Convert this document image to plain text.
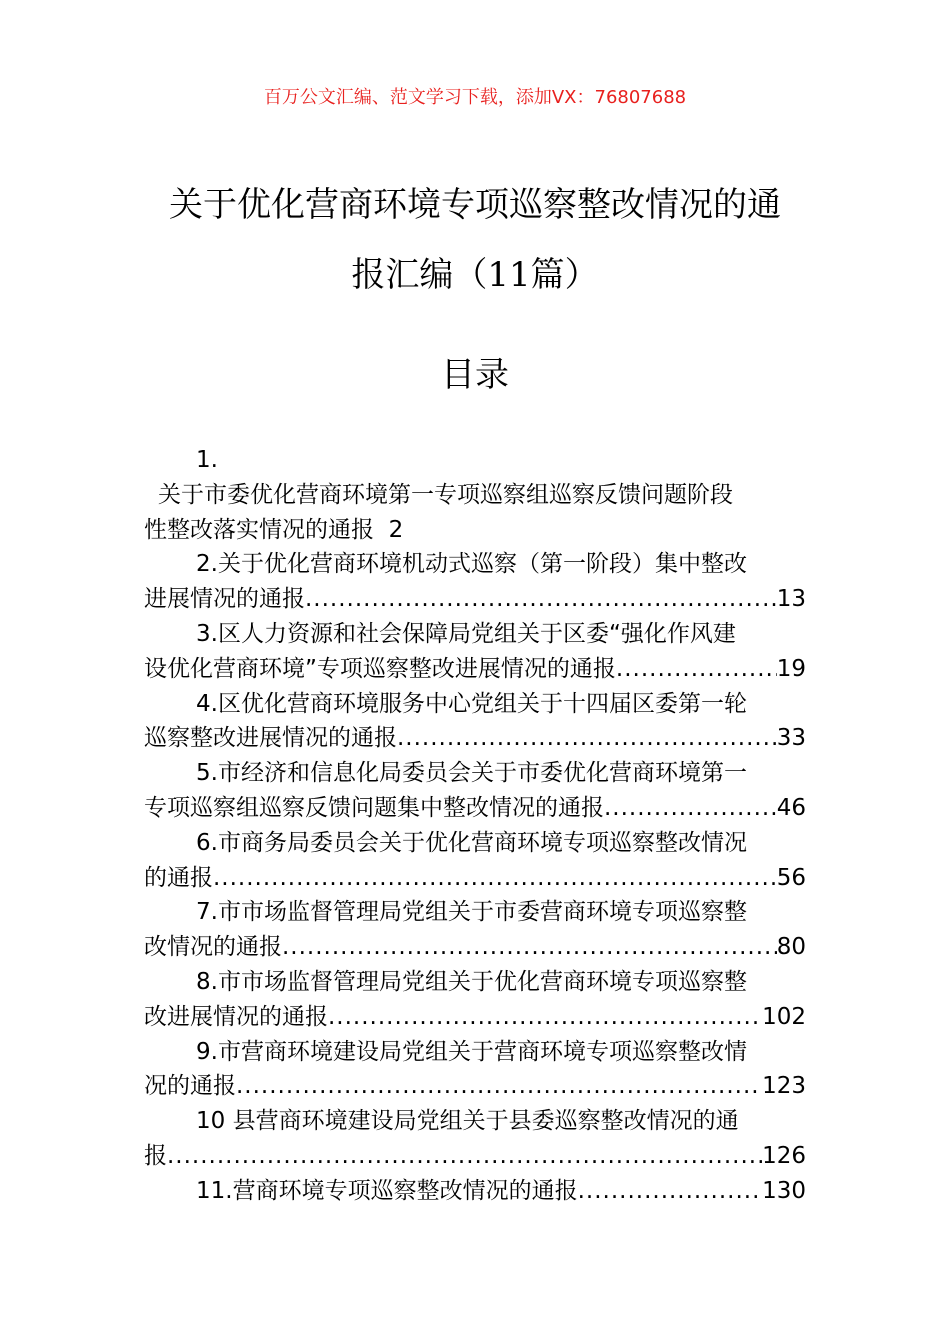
百万公文汇编、范文学习下载，添加VX：76807688
关于优化营商环境专项巡察整改情况的通
报汇编（11篇）
目录
1.
关于市委优化营商环境第一专项巡察组巡察反馈问题阶段
性整改落实情况的通报 2
2.关于优化营商环境机动式巡察（第一阶段）集中整改
进展情况的通报 .....	13
3.区人力资源和社会保障局党组关于区委“强化作风建
设优化营商环境”专项巡察整改进展情况的通报 .....	19
4.区优化营商环境服务中心党组关于十四届区委第一轮
巡察整改进展情况的通报 .....	33
5.市经济和信息化局委员会关于市委优化营商环境第一
专项巡察组巡察反馈问题集中整改情况的通报 .....	46
6.市商务局委员会关于优化营商环境专项巡察整改情况
的通报 .....	56
7.市市场监督管理局党组关于市委营商环境专项巡察整
改情况的通报 .....	80
8.市市场监督管理局党组关于优化营商环境专项巡察整
改进展情况的通报 .....	102
9.市营商环境建设局党组关于营商环境专项巡察整改情
况的通报 .....	123
10 县营商环境建设局党组关于县委巡察整改情况的通
报 .....	126
11.营商环境专项巡察整改情况的通报 .....	130
